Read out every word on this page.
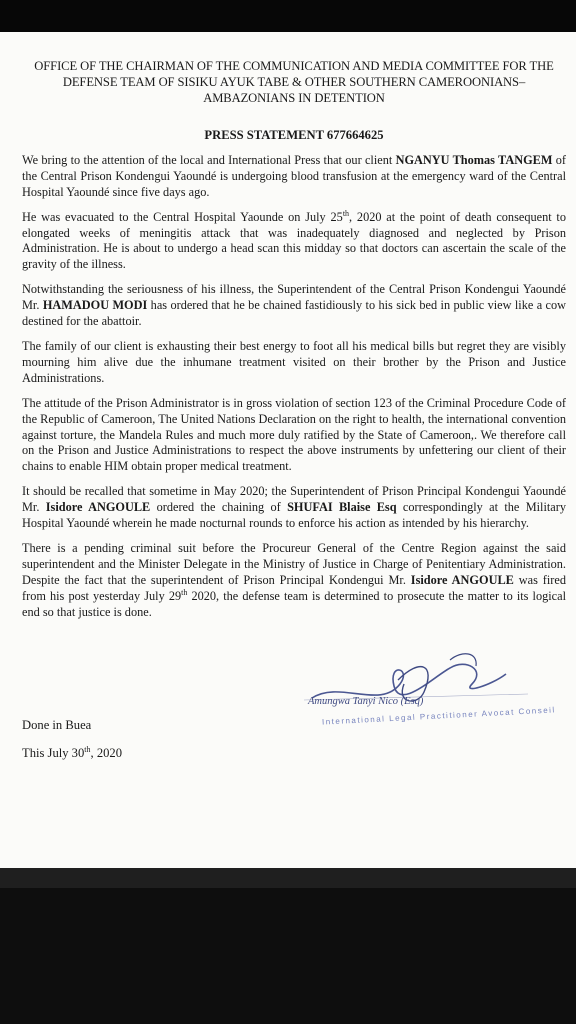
OFFICE OF THE CHAIRMAN OF THE COMMUNICATION AND MEDIA COMMITTEE FOR THE
DEFENSE TEAM OF SISIKU AYUK TABE & OTHER SOUTHERN CAMEROONIANS–
AMBAZONIANS IN DETENTION
PRESS STATEMENT 677664625

We bring to the attention of the local and International Press that our client NGANYU Thomas TANGEM of the Central Prison Kondengui Yaoundé is undergoing blood transfusion at the emergency ward of the Central Hospital Yaoundé since five days ago.

He was evacuated to the Central Hospital Yaounde on July 25th, 2020 at the point of death consequent to elongated weeks of meningitis attack that was inadequately diagnosed and neglected by Prison Administration. He is about to undergo a head scan this midday so that doctors can ascertain the scale of the gravity of the illness.

Notwithstanding the seriousness of his illness, the Superintendent of the Central Prison Kondengui Yaoundé Mr. HAMADOU MODI has ordered that he be chained fastidiously to his sick bed in public view like a cow destined for the abattoir.

The family of our client is exhausting their best energy to foot all his medical bills but regret they are visibly mourning him alive due the inhumane treatment visited on their brother by the Prison and Justice Administrations.

The attitude of the Prison Administrator is in gross violation of section 123 of the Criminal Procedure Code of the Republic of Cameroon, The United Nations Declaration on the right to health, the international convention against torture, the Mandela Rules and much more duly ratified by the State of Cameroon,. We therefore call on the Prison and Justice Administrations to respect the above instruments by unfettering our client of their chains to enable HIM obtain proper medical treatment.

It should be recalled that sometime in May 2020; the Superintendent of Prison Principal Kondengui Yaoundé Mr. Isidore ANGOULE ordered the chaining of SHUFAI Blaise Esq correspondingly at the Military Hospital Yaoundé wherein he made nocturnal rounds to enforce his action as intended by his hierarchy.

There is a pending criminal suit before the Procureur General of the Centre Region against the said superintendent and the Minister Delegate in the Ministry of Justice in Charge of Penitentiary Administration. Despite the fact that the superintendent of Prison Principal Kondengui Mr. Isidore ANGOULE was fired from his post yesterday July 29th 2020, the defense team is determined to prosecute the matter to its logical end so that justice is done.

Amungwa Tanyi Nico (Esq)
International Legal Practitioner Avocat Conseil
Done in Buea
This July 30th, 2020
